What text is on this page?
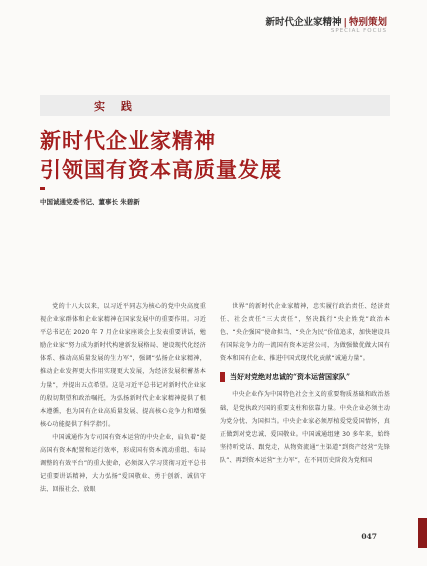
新时代企业家精神 | 特别策划
SPECIAL FOCUS
实 践
新时代企业家精神
引领国有资本高质量发展
中国诚通党委书记、董事长 朱碧新

党的十八大以来，以习近平同志为核心的党中央高度重视企业家群体和企业家精神在国家发展中的重要作用。习近平总书记在 2020 年 7 月企业家座谈会上发表重要讲话，勉励企业家“努力成为新时代构建新发展格局、建设现代化经济体系、推动高质量发展的生力军”，强调“弘扬企业家精神，推动企业发挥更大作用实现更大发展，为经济发展积蓄基本力量”，并提出五点希望。这是习近平总书记对新时代企业家的殷切期望和政治嘱托，为弘扬新时代企业家精神提供了根本遵循，也为国有企业高质量发展、提高核心竞争力和增强核心功能提供了科学指引。

中国诚通作为专司国有资本运营的中央企业，肩负着“提高国有资本配置和运行效率，形成国有资本流动重组、布局调整的有效平台”的重大使命，必须深入学习贯彻习近平总书记重要讲话精神，大力弘扬“爱国敬业、勇于创新、诚信守法、回报社会、放眼

世界”的新时代企业家精神，忠实履行政治责任、经济责任、社会责任“三大责任”，坚决践行“央企姓党”政治本色、“央企强国”使命担当、“央企为民”价值追求，加快建设具有国际竞争力的一流国有资本运营公司，为做强做优做大国有资本和国有企业、推进中国式现代化贡献“诚通力量”。

当好对党绝对忠诚的“资本运营国家队”

中央企业作为中国特色社会主义的重要物质基础和政治基础，是党执政兴国的重要支柱和依靠力量。中央企业必须主动为党分忧、为国担当。中央企业家必须厚植爱党爱国情怀，真正做到对党忠诚、爱国敬业。中国诚通组建 30 多年来，始终坚持听党话、跟党走，从物资流通“主渠道”到资产经营“先锋队”、再到资本运营“主力军”，在不同历史阶段为党和国

047
